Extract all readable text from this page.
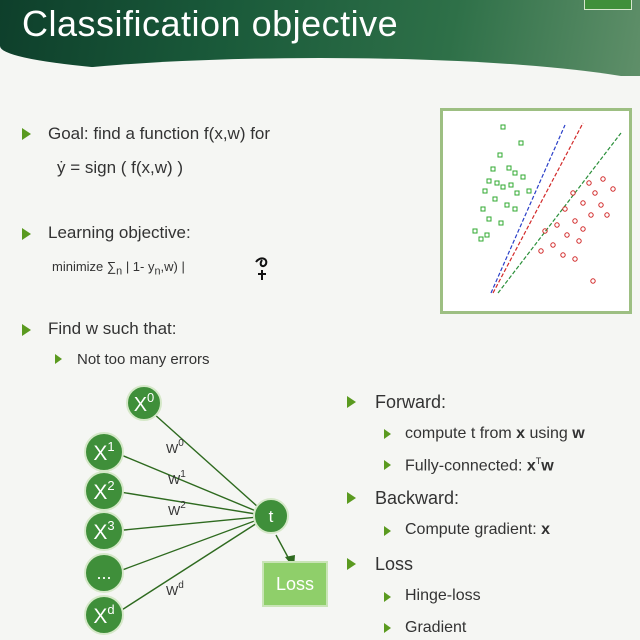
Classification objective
Goal: find a function f(x,w) for
ẏ = sign ( f(x,w) )
Learning objective:
minimize $\sum_n$ | 1- $y_n,w$) |
Find w such that:
Not too many errors
$X^0$
$X^1$
$X^2$
$X^3$
...
$X^d$
$W^0$
$W^1$
$W^2$
$W^d$
t
Loss
Forward:
compute t from x using w
Fully-connected: $x^Tw$
Backward:
Compute gradient: x
Loss
Hinge-loss
Gradient
